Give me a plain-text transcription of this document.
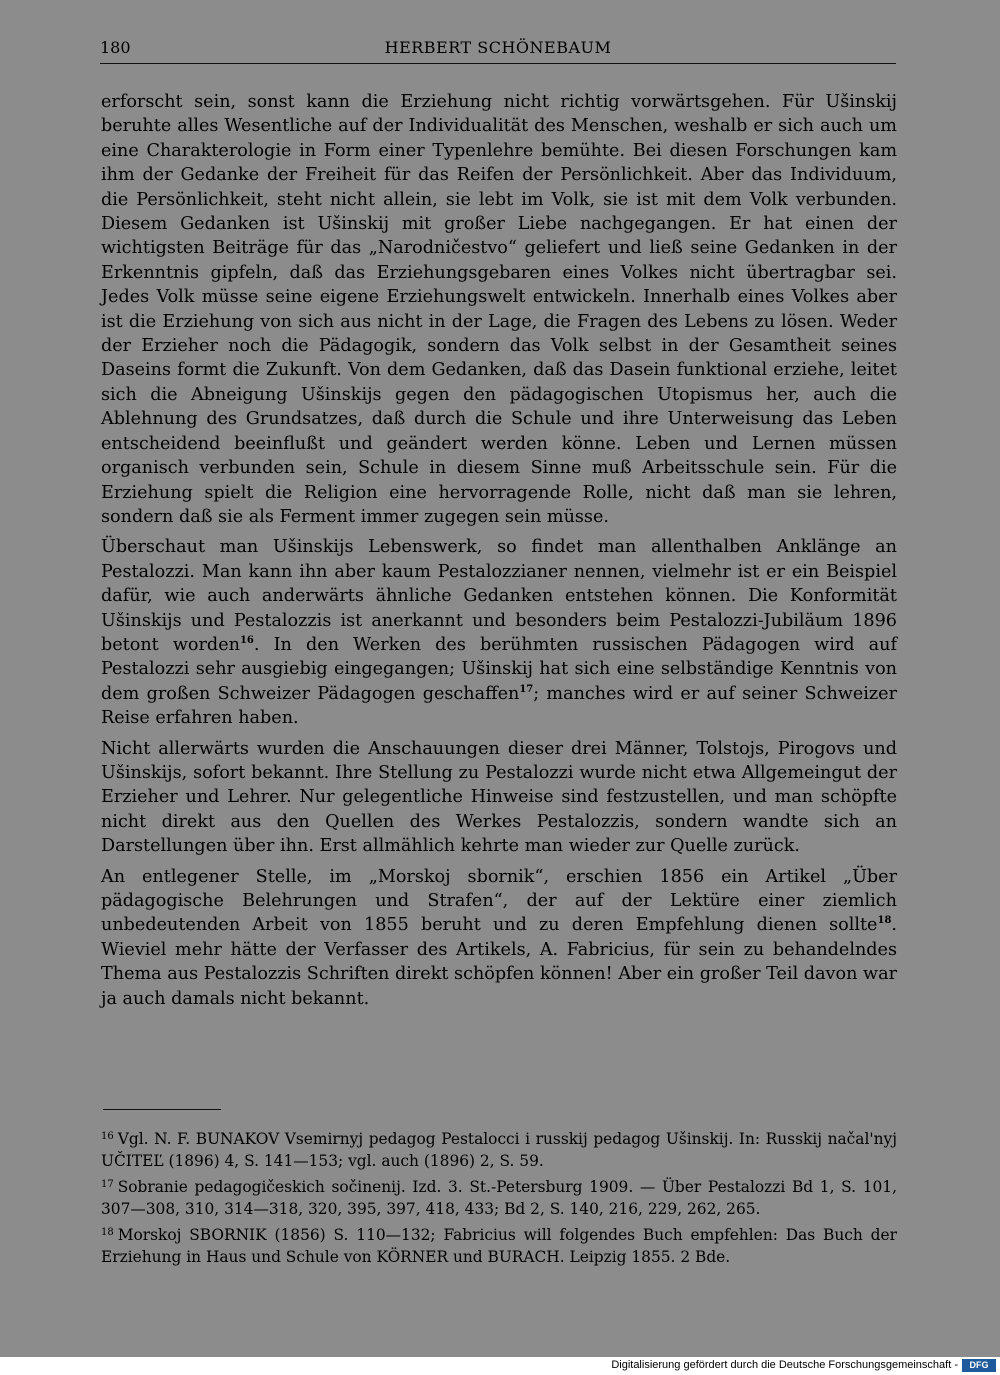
180	HERBERT SCHÖNEBAUM

erforscht sein, sonst kann die Erziehung nicht richtig vorwärtsgehen. Für Ušinskij beruhte alles Wesentliche auf der Individualität des Menschen, weshalb er sich auch um eine Charakterologie in Form einer Typenlehre bemühte. Bei diesen Forschungen kam ihm der Gedanke der Freiheit für das Reifen der Persönlichkeit. Aber das Individuum, die Persönlichkeit, steht nicht allein, sie lebt im Volk, sie ist mit dem Volk verbunden. Diesem Gedanken ist Ušinskij mit großer Liebe nachgegangen. Er hat einen der wichtigsten Beiträge für das „Narodničestvo“ geliefert und ließ seine Gedanken in der Erkenntnis gipfeln, daß das Erziehungsgebaren eines Volkes nicht übertragbar sei. Jedes Volk müsse seine eigene Erziehungswelt entwickeln. Innerhalb eines Volkes aber ist die Erziehung von sich aus nicht in der Lage, die Fragen des Lebens zu lösen. Weder der Erzieher noch die Pädagogik, sondern das Volk selbst in der Gesamtheit seines Daseins formt die Zukunft. Von dem Gedanken, daß das Dasein funktional erziehe, leitet sich die Abneigung Ušinskijs gegen den pädagogischen Utopismus her, auch die Ablehnung des Grundsatzes, daß durch die Schule und ihre Unterweisung das Leben entscheidend beeinflußt und geändert werden könne. Leben und Lernen müssen organisch verbunden sein, Schule in diesem Sinne muß Arbeitsschule sein. Für die Erziehung spielt die Religion eine hervorragende Rolle, nicht daß man sie lehren, sondern daß sie als Ferment immer zugegen sein müsse.

Überschaut man Ušinskijs Lebenswerk, so findet man allenthalben Anklänge an Pestalozzi. Man kann ihn aber kaum Pestalozzianer nennen, vielmehr ist er ein Beispiel dafür, wie auch anderwärts ähnliche Gedanken entstehen können. Die Konformität Ušinskijs und Pestalozzis ist anerkannt und besonders beim Pestalozzi-Jubiläum 1896 betont worden$^{16}$. In den Werken des berühmten russischen Pädagogen wird auf Pestalozzi sehr ausgiebig eingegangen; Ušinskij hat sich eine selbständige Kenntnis von dem großen Schweizer Pädagogen geschaffen$^{17}$; manches wird er auf seiner Schweizer Reise erfahren haben.

Nicht allerwärts wurden die Anschauungen dieser drei Männer, Tolstojs, Pirogovs und Ušinskijs, sofort bekannt. Ihre Stellung zu Pestalozzi wurde nicht etwa Allgemeingut der Erzieher und Lehrer. Nur gelegentliche Hinweise sind festzustellen, und man schöpfte nicht direkt aus den Quellen des Werkes Pestalozzis, sondern wandte sich an Darstellungen über ihn. Erst allmählich kehrte man wieder zur Quelle zurück.

An entlegener Stelle, im „Morskoj sbornik“, erschien 1856 ein Artikel „Über pädagogische Belehrungen und Strafen“, der auf der Lektüre einer ziemlich unbedeutenden Arbeit von 1855 beruht und zu deren Empfehlung dienen sollte$^{18}$. Wieviel mehr hätte der Verfasser des Artikels, A. Fabricius, für sein zu behandelndes Thema aus Pestalozzis Schriften direkt schöpfen können! Aber ein großer Teil davon war ja auch damals nicht bekannt.

$^{16}$ Vgl. N. F. BUNAKOV Vsemirnyj pedagog Pestalocci i russkij pedagog Ušinskij. In: Russkij načal'nyj UČITEĽ (1896) 4, S. 141—153; vgl. auch (1896) 2, S. 59.

$^{17}$ Sobranie pedagogičeskich sočinenij. Izd. 3. St.-Petersburg 1909. — Über Pestalozzi Bd 1, S. 101, 307—308, 310, 314—318, 320, 395, 397, 418, 433; Bd 2, S. 140, 216, 229, 262, 265.

$^{18}$ Morskoj SBORNIK (1856) S. 110—132; Fabricius will folgendes Buch empfehlen: Das Buch der Erziehung in Haus und Schule von KÖRNER und BURACH. Leipzig 1855. 2 Bde.

Digitalisierung gefördert durch die Deutsche Forschungsgemeinschaft -	DFG
